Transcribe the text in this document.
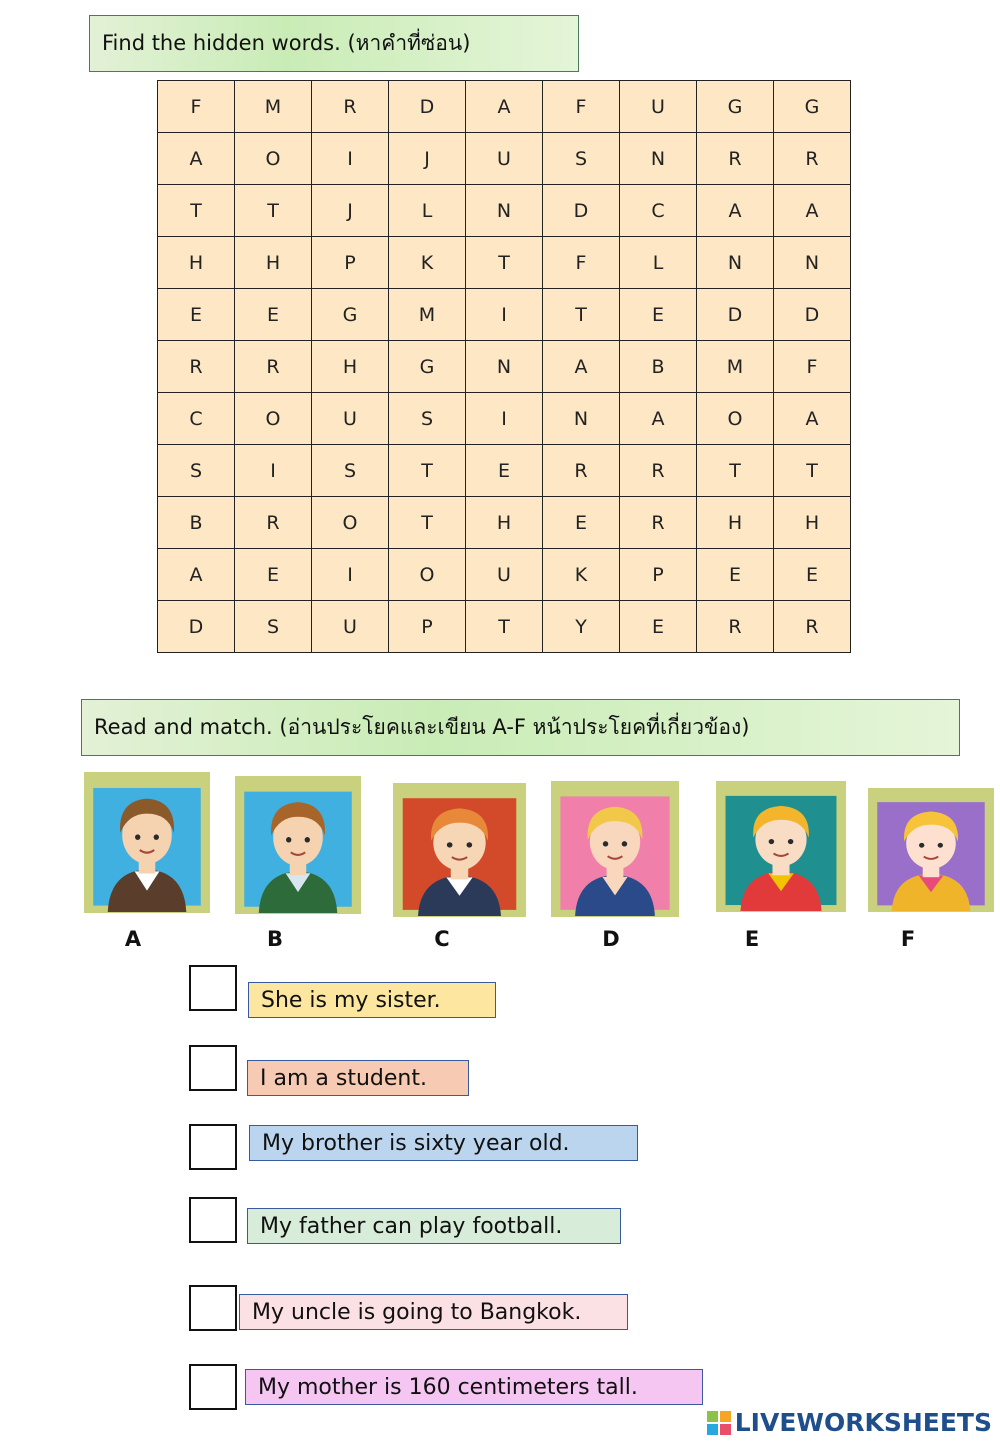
Find the hidden words. (หาคำที่ซ่อน)
F	M	R	D	A	F	U	G	G
A	O	I	J	U	S	N	R	R
T	T	J	L	N	D	C	A	A
H	H	P	K	T	F	L	N	N
E	E	G	M	I	T	E	D	D
R	R	H	G	N	A	B	M	F
C	O	U	S	I	N	A	O	A
S	I	S	T	E	R	R	T	T
B	R	O	T	H	E	R	H	H
A	E	I	O	U	K	P	E	E
D	S	U	P	T	Y	E	R	R
Read and match. (อ่านประโยคและเขียน A-F หน้าประโยคที่เกี่ยวข้อง)
A	B	C	D	E	F
She is my sister.
I am a student.
My brother is sixty year old.
My father can play football.
My uncle is going to Bangkok.
My mother is 160 centimeters tall.
LIVEWORKSHEETS
